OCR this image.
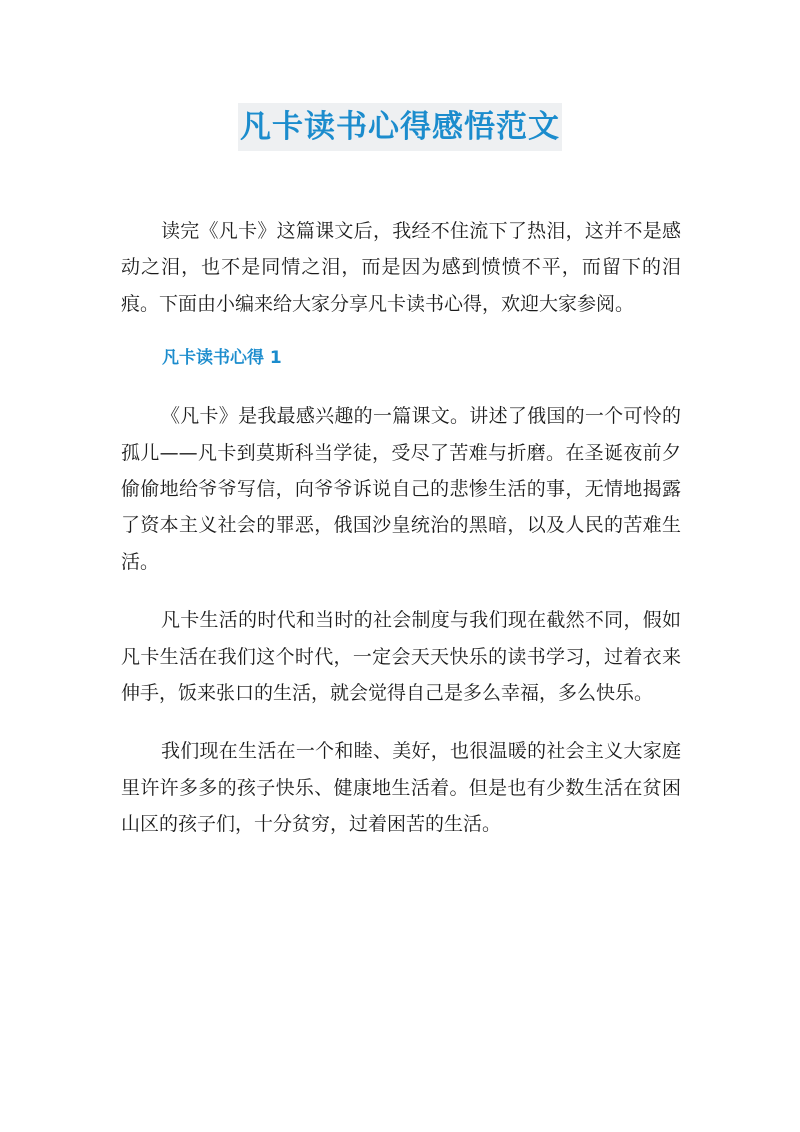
凡卡读书心得感悟范文

读完《凡卡》这篇课文后，我经不住流下了热泪，这并不是感动之泪，也不是同情之泪，而是因为感到愤愤不平，而留下的泪痕。下面由小编来给大家分享凡卡读书心得，欢迎大家参阅。

凡卡读书心得 1

《凡卡》是我最感兴趣的一篇课文。讲述了俄国的一个可怜的孤儿——凡卡到莫斯科当学徒，受尽了苦难与折磨。在圣诞夜前夕偷偷地给爷爷写信，向爷爷诉说自己的悲惨生活的事，无情地揭露了资本主义社会的罪恶，俄国沙皇统治的黑暗，以及人民的苦难生活。

凡卡生活的时代和当时的社会制度与我们现在截然不同，假如凡卡生活在我们这个时代，一定会天天快乐的读书学习，过着衣来伸手，饭来张口的生活，就会觉得自己是多么幸福，多么快乐。

我们现在生活在一个和睦、美好，也很温暖的社会主义大家庭里许许多多的孩子快乐、健康地生活着。但是也有少数生活在贫困山区的孩子们，十分贫穷，过着困苦的生活。
